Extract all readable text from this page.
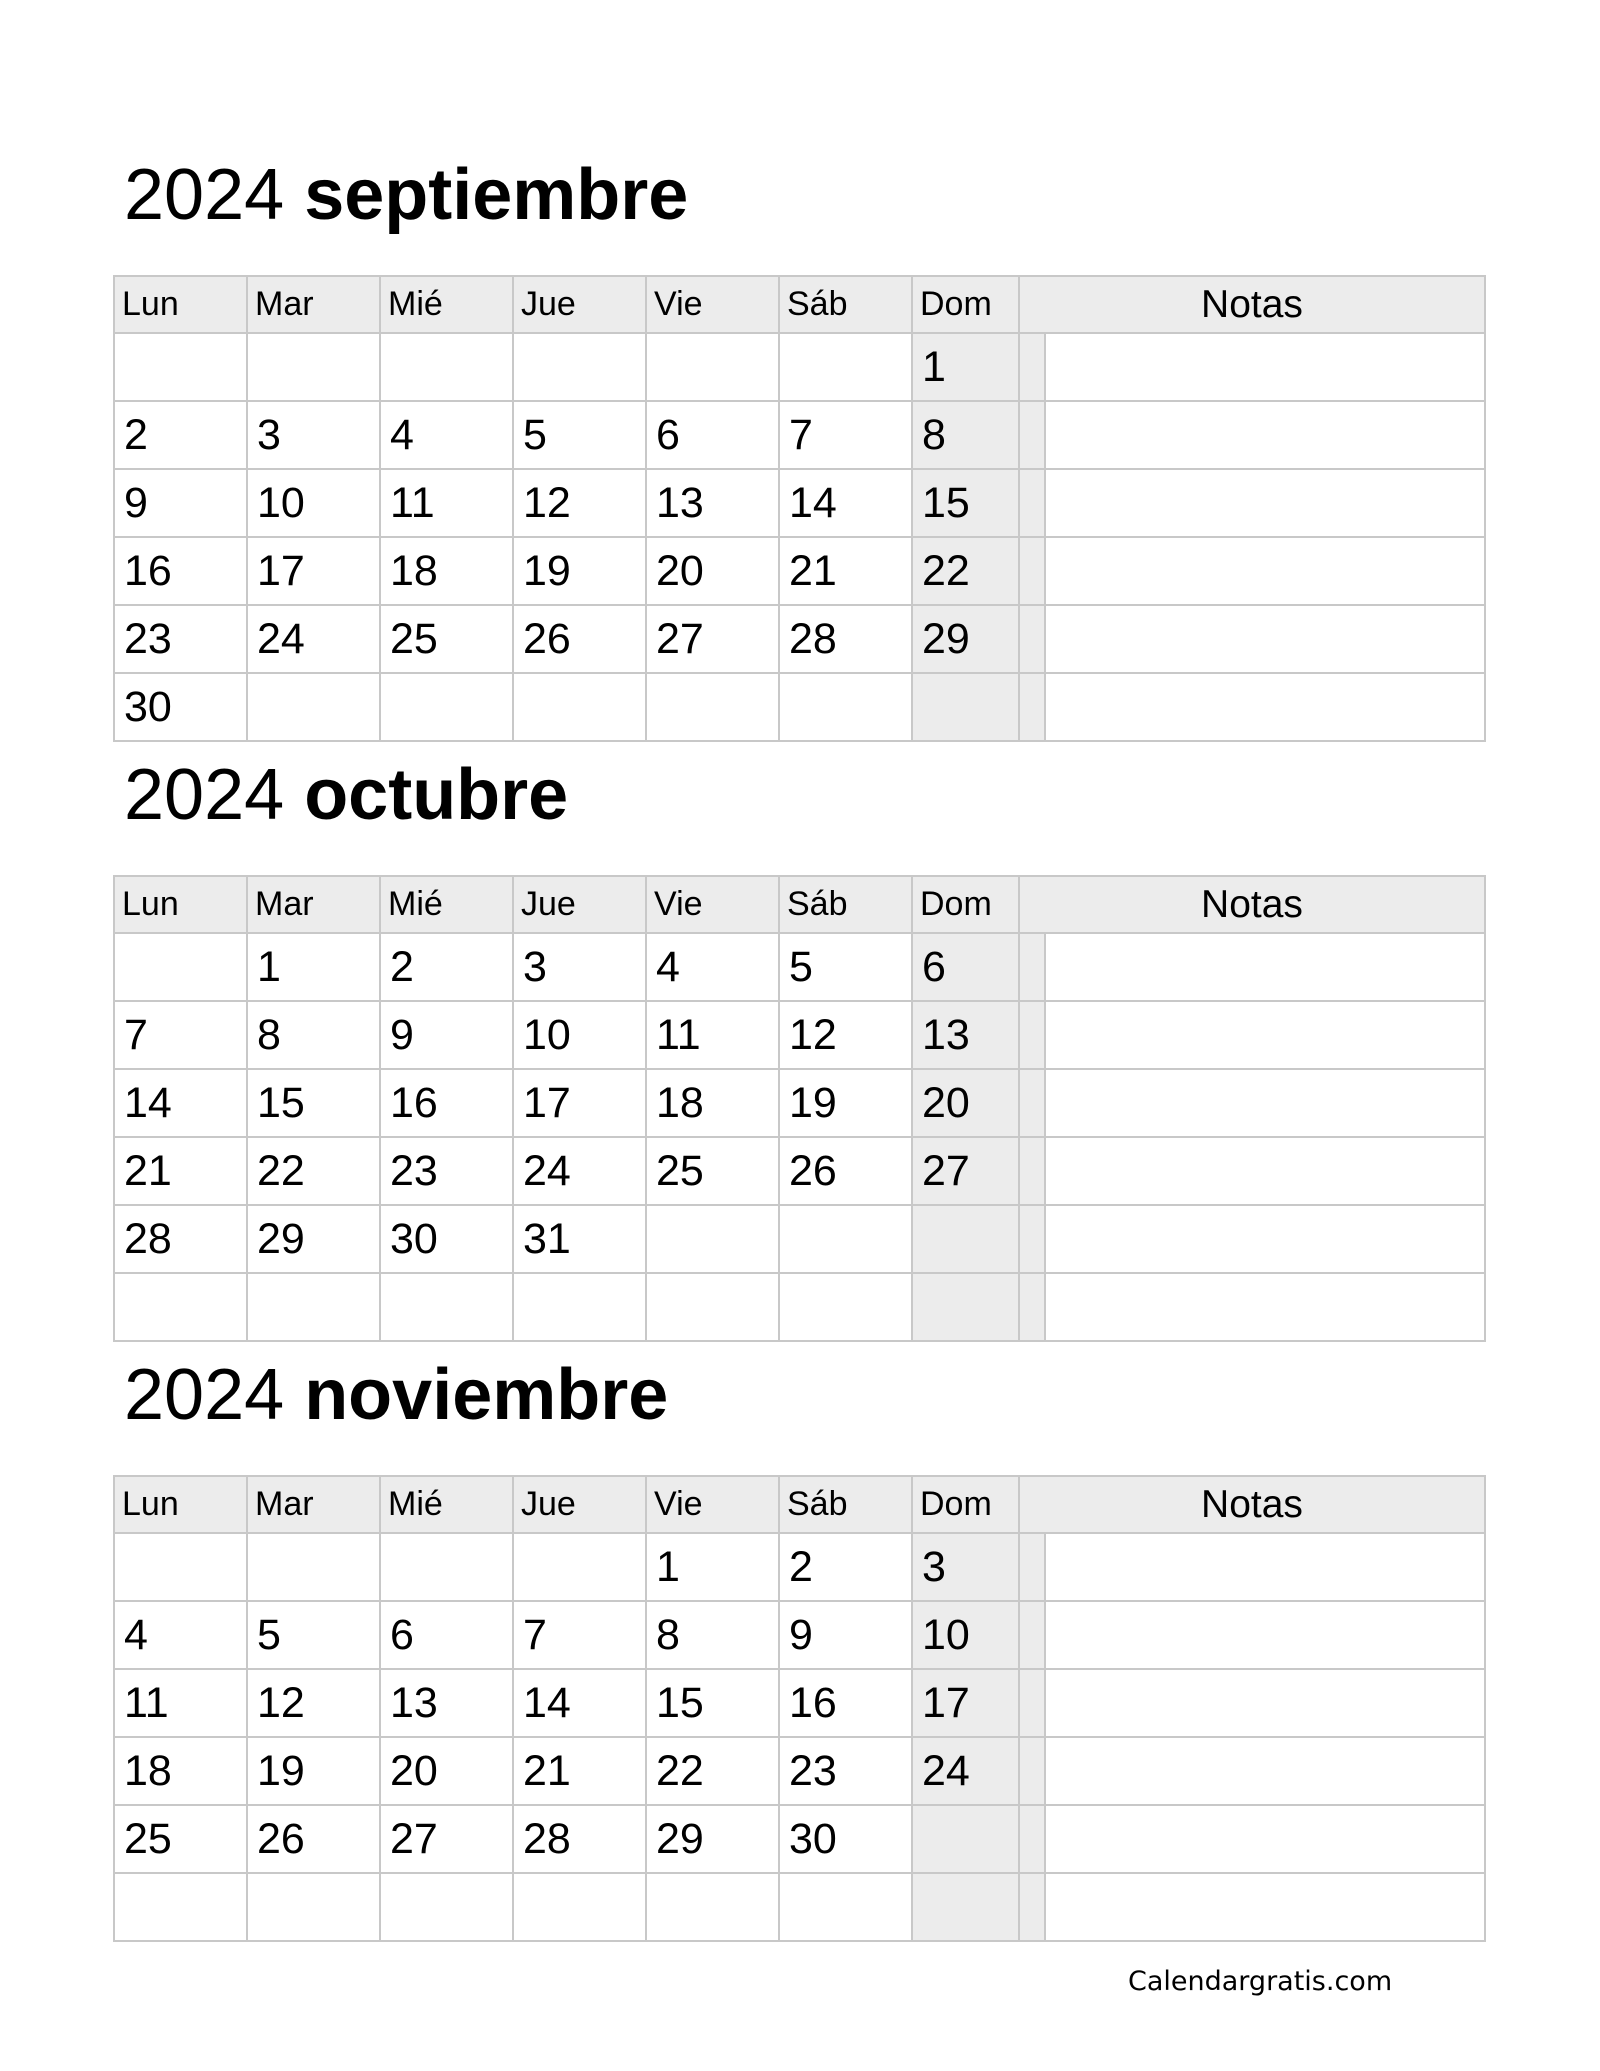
2024 septiembre
Lun	Mar	Mié	Jue	Vie	Sáb	Dom
						1
2	3	4	5	6	7	8
9	10	11	12	13	14	15
16	17	18	19	20	21	22
23	24	25	26	27	28	29
30						
Notas

2024 octubre
Lun	Mar	Mié	Jue	Vie	Sáb	Dom
	1	2	3	4	5	6
7	8	9	10	11	12	13
14	15	16	17	18	19	20
21	22	23	24	25	26	27
28	29	30	31			

Notas

2024 noviembre
Lun	Mar	Mié	Jue	Vie	Sáb	Dom
				1	2	3
4	5	6	7	8	9	10
11	12	13	14	15	16	17
18	19	20	21	22	23	24
25	26	27	28	29	30	

Notas

Calendargratis.com
